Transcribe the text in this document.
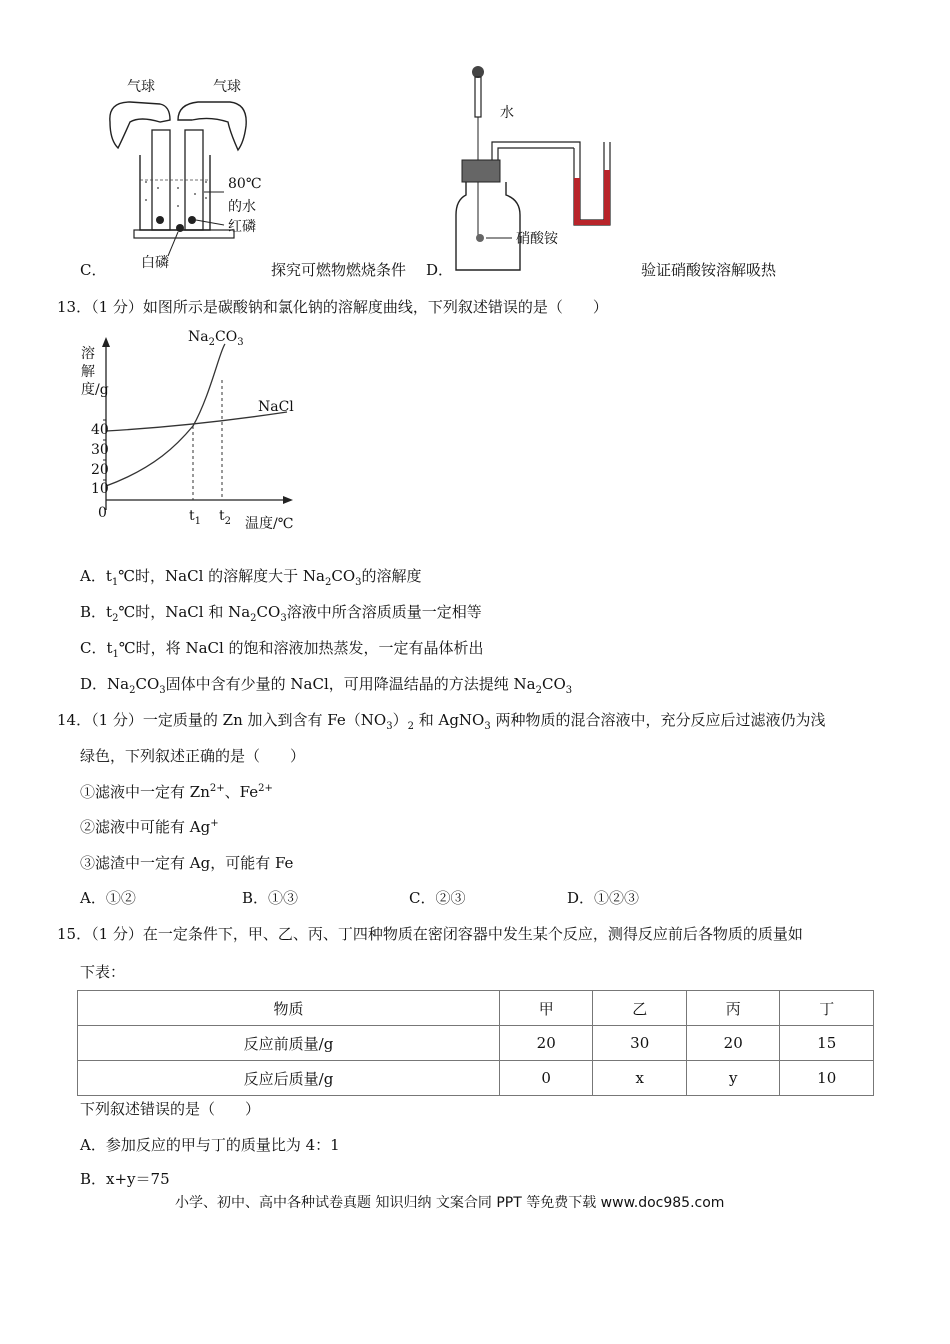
气球	气球
80℃
的水
红磷
白磷
水
硝酸铵
C．	探究可燃物燃烧条件 D．	验证硝酸铵溶解吸热
13．（1 分）如图所示是碳酸钠和氯化钠的溶解度曲线，下列叙述错误的是（　　）
溶解度/g
40
30
20
10
0	$t_1$ $t_2$ 温度/℃
$Na_2CO_3$
NaCl
A．$t_1℃$时，NaCl 的溶解度大于 $Na_2CO_3$的溶解度
B．$t_2℃$时，NaCl 和 $Na_2CO_3$溶液中所含溶质质量一定相等
C．$t_1℃$时，将 NaCl 的饱和溶液加热蒸发，一定有晶体析出
D．$Na_2CO_3$固体中含有少量的 NaCl，可用降温结晶的方法提纯 $Na_2CO_3$
14．（1 分）一定质量的 Zn 加入到含有 $Fe(NO_3)_2$ 和 AgNO$_3$ 两种物质的混合溶液中，充分反应后过滤液仍为浅
绿色，下列叙述正确的是（　　）
①滤液中一定有 $Zn^{2+}$、$Fe^{2+}$
②滤液中可能有 Ag+
③滤渣中一定有 Ag，可能有 Fe
A．①②	B．①③	C．②③	D．①②③
15．（1 分）在一定条件下，甲、乙、丙、丁四种物质在密闭容器中发生某个反应，测得反应前后各物质的质量如
下表：
物质	甲	乙	丙	丁
反应前质量/g	20	30	20	15
反应后质量/g	0	x	y	10
下列叙述错误的是（　　）
A．参加反应的甲与丁的质量比为 4：1
B．x+y＝75
小学、初中、高中各种试卷真题 知识归纳 文案合同 PPT 等免费下载 www.doc985.com
